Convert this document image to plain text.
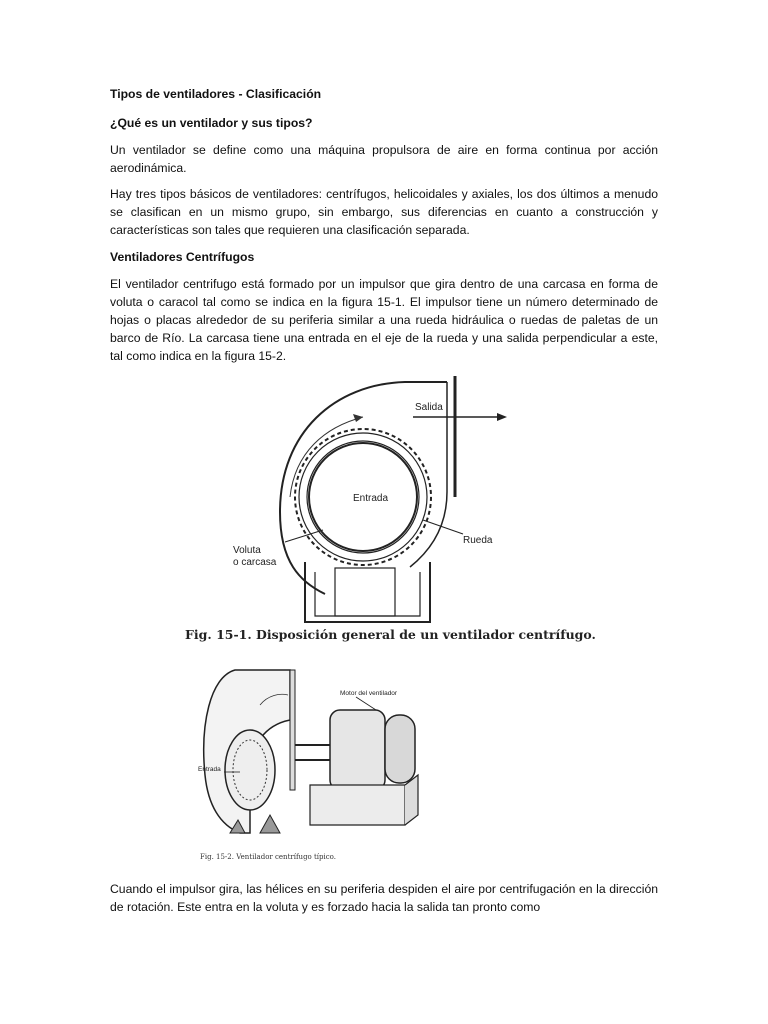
Tipos de ventiladores - Clasificación
¿Qué es un ventilador y sus tipos?
Un ventilador se define como una máquina propulsora de aire en forma continua por acción aerodinámica.
Hay tres tipos básicos de ventiladores: centrífugos, helicoidales y axiales, los dos últimos a menudo se clasifican en un mismo grupo, sin embargo, sus diferencias en cuanto a construcción y características son tales que requieren una clasificación separada.
Ventiladores Centrífugos
El ventilador centrifugo está formado por un impulsor que gira dentro de una carcasa en forma de voluta o caracol tal como se indica en la figura 15-1. El impulsor tiene un número determinado de hojas o placas alrededor de su periferia similar a una rueda hidráulica o ruedas de paletas de un barco de Río. La carcasa tiene una entrada en el eje de la rueda y una salida perpendicular a este, tal como indica en la figura 15-2.
Salida
Entrada
Rueda
Voluta
o carcasa
Fig. 15-1. Disposición general de un ventilador centrífugo.
Motor del ventilador
Entrada
Fig. 15-2. Ventilador centrífugo típico.
Cuando el impulsor gira, las hélices en su periferia despiden el aire por centrifugación en la dirección de rotación. Este entra en la voluta y es forzado hacia la salida tan pronto como
